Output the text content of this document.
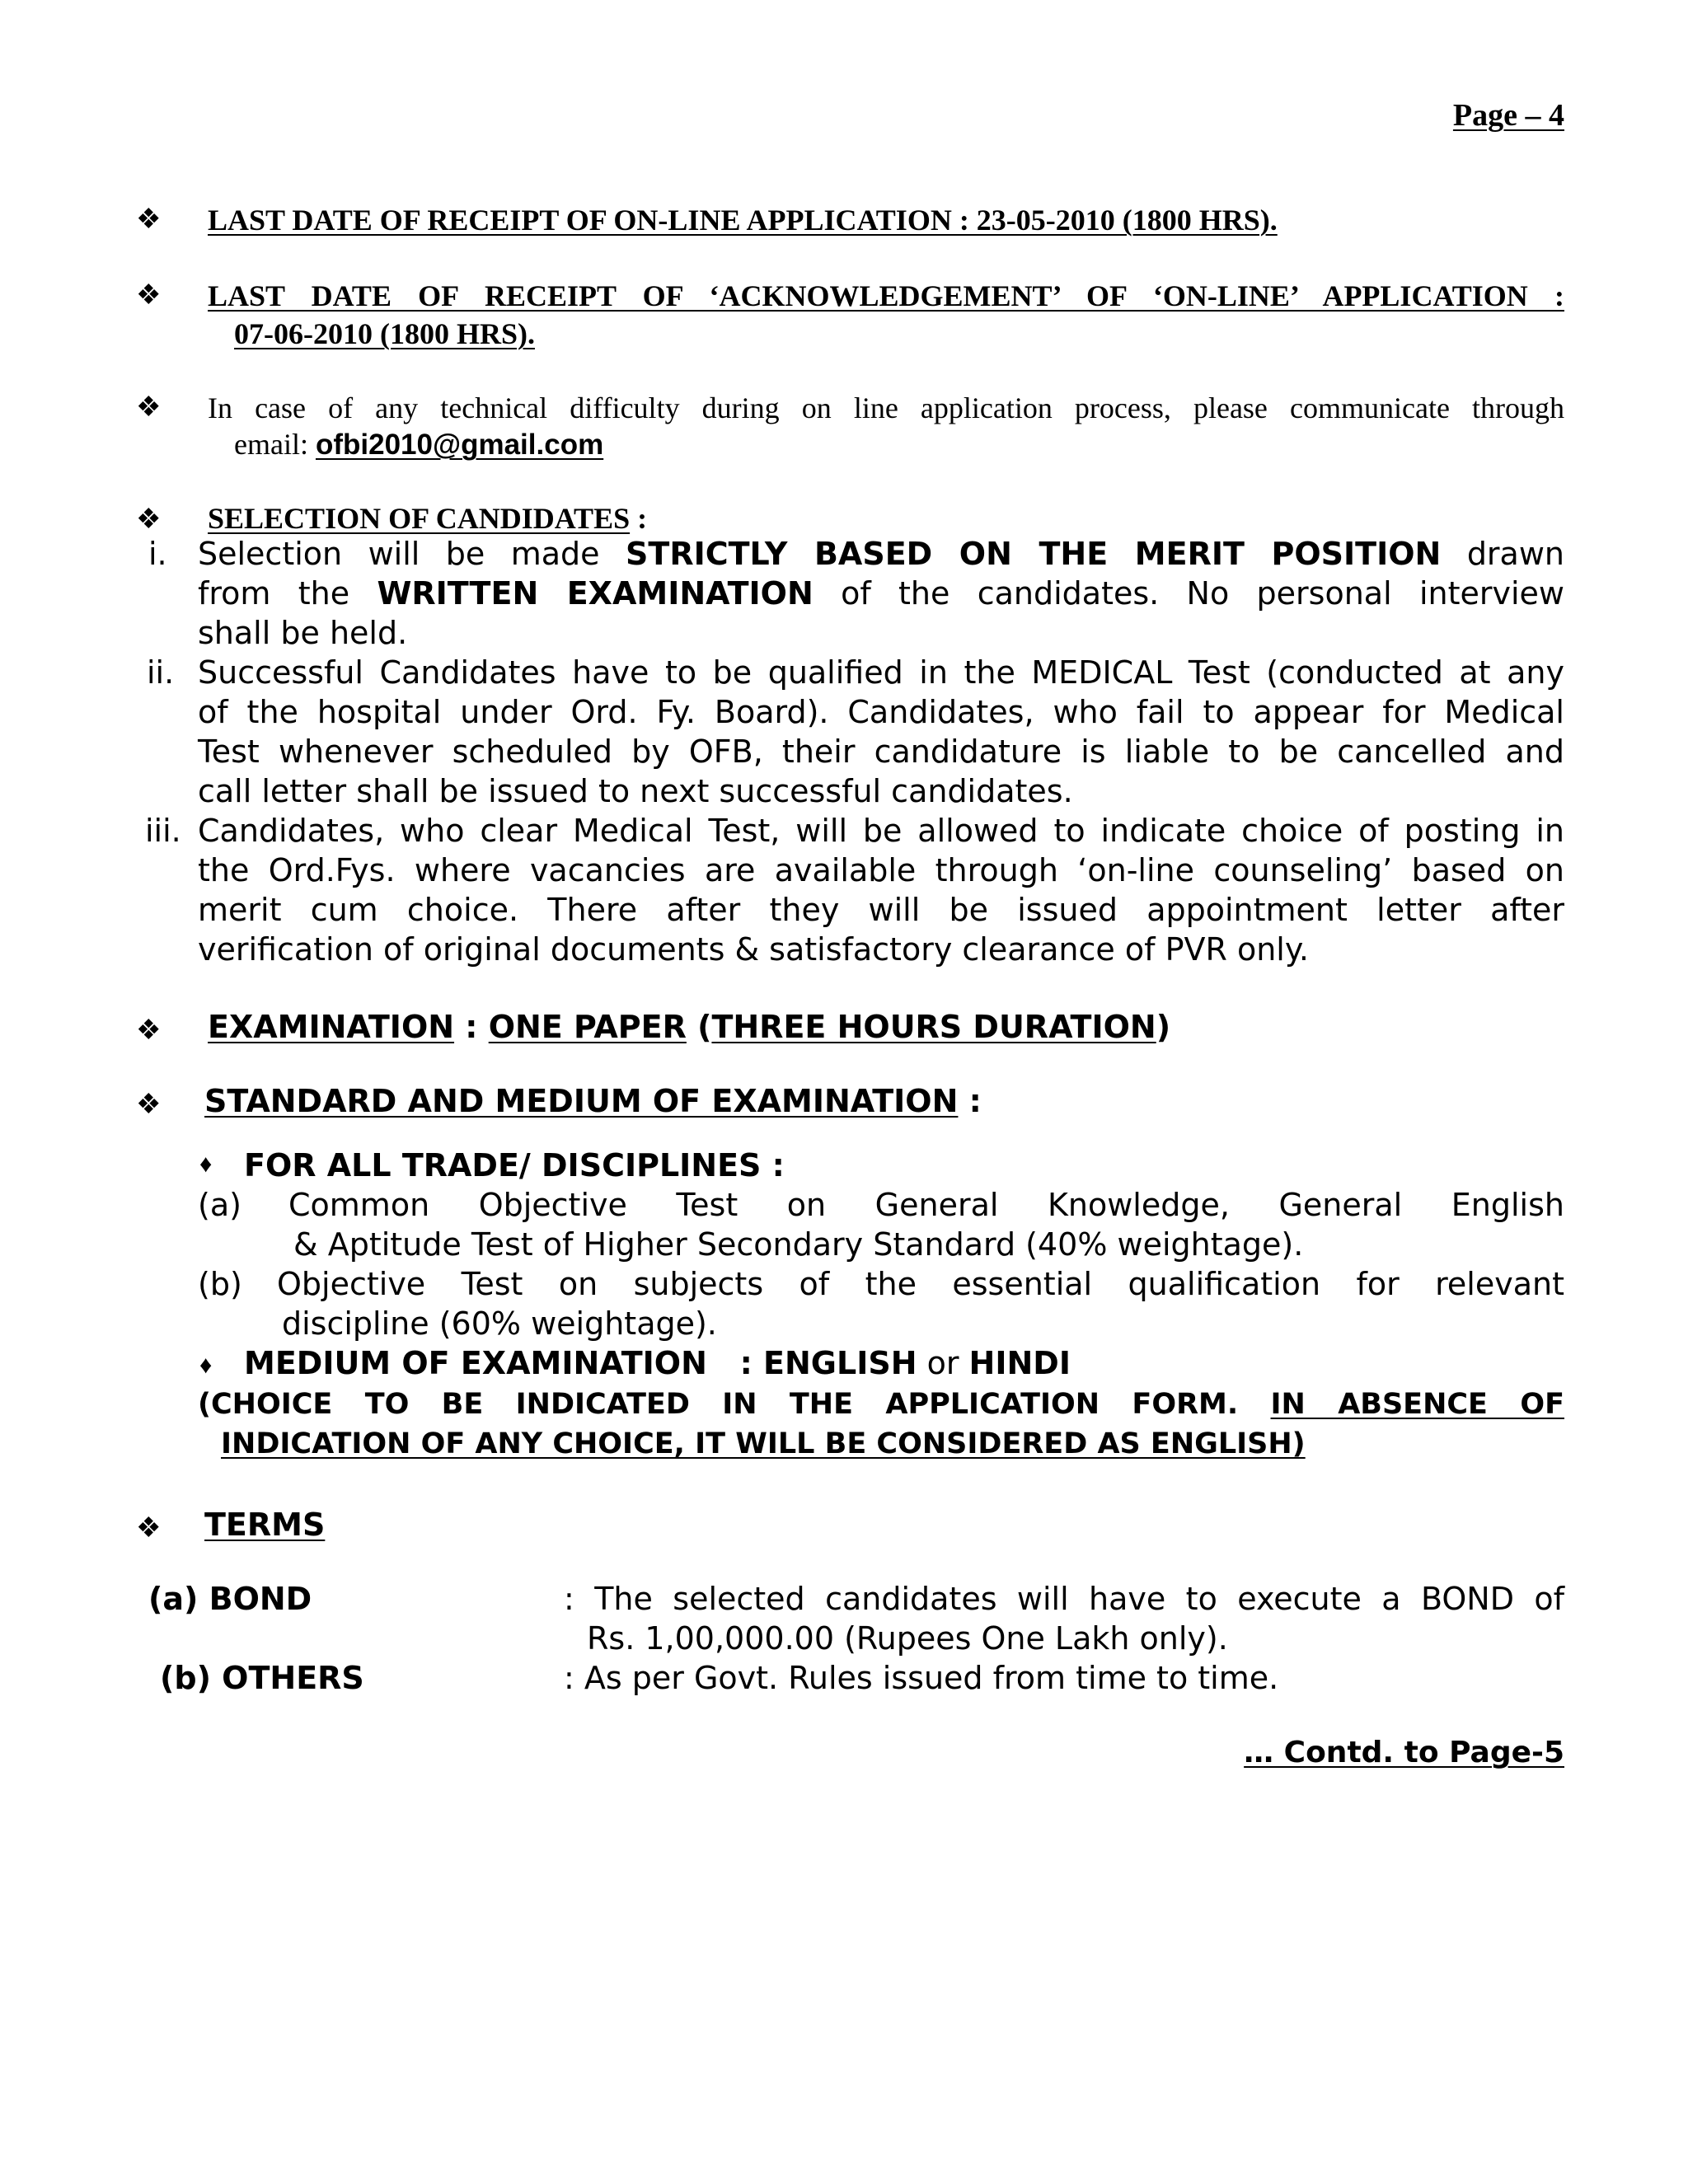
Page – 4
❖ LAST DATE OF RECEIPT OF ON-LINE APPLICATION : 23-05-2010 (1800 HRS).
❖ LAST DATE OF RECEIPT OF ‘ACKNOWLEDGEMENT’ OF ‘ON-LINE’ APPLICATION :
07-06-2010 (1800 HRS).
❖ In case of any technical difficulty during on line application process, please communicate through
email: ofbi2010@gmail.com
❖ SELECTION OF CANDIDATES :
i. Selection will be made STRICTLY BASED ON THE MERIT POSITION drawn
from the WRITTEN EXAMINATION of the candidates. No personal interview
shall be held.
ii. Successful Candidates have to be qualified in the MEDICAL Test (conducted at any
of the hospital under Ord. Fy. Board). Candidates, who fail to appear for Medical
Test whenever scheduled by OFB, their candidature is liable to be cancelled and
call letter shall be issued to next successful candidates.
iii. Candidates, who clear Medical Test, will be allowed to indicate choice of posting in
the Ord.Fys. where vacancies are available through ‘on-line counseling’ based on
merit cum choice. There after they will be issued appointment letter after
verification of original documents & satisfactory clearance of PVR only.
❖ EXAMINATION : ONE PAPER (THREE HOURS DURATION)
❖ STANDARD AND MEDIUM OF EXAMINATION :
♦ FOR ALL TRADE/ DISCIPLINES :
(a) Common Objective Test on General Knowledge, General English
& Aptitude Test of Higher Secondary Standard (40% weightage).
(b) Objective Test on subjects of the essential qualification for relevant
discipline (60% weightage).
♦ MEDIUM OF EXAMINATION   : ENGLISH or HINDI
(CHOICE TO BE INDICATED IN THE APPLICATION FORM. IN ABSENCE OF
INDICATION OF ANY CHOICE, IT WILL BE CONSIDERED AS ENGLISH)
❖ TERMS
(a) BOND	: The selected candidates will have to execute a BOND of
Rs. 1,00,000.00 (Rupees One Lakh only).
(b) OTHERS	: As per Govt. Rules issued from time to time.
… Contd. to Page-5
